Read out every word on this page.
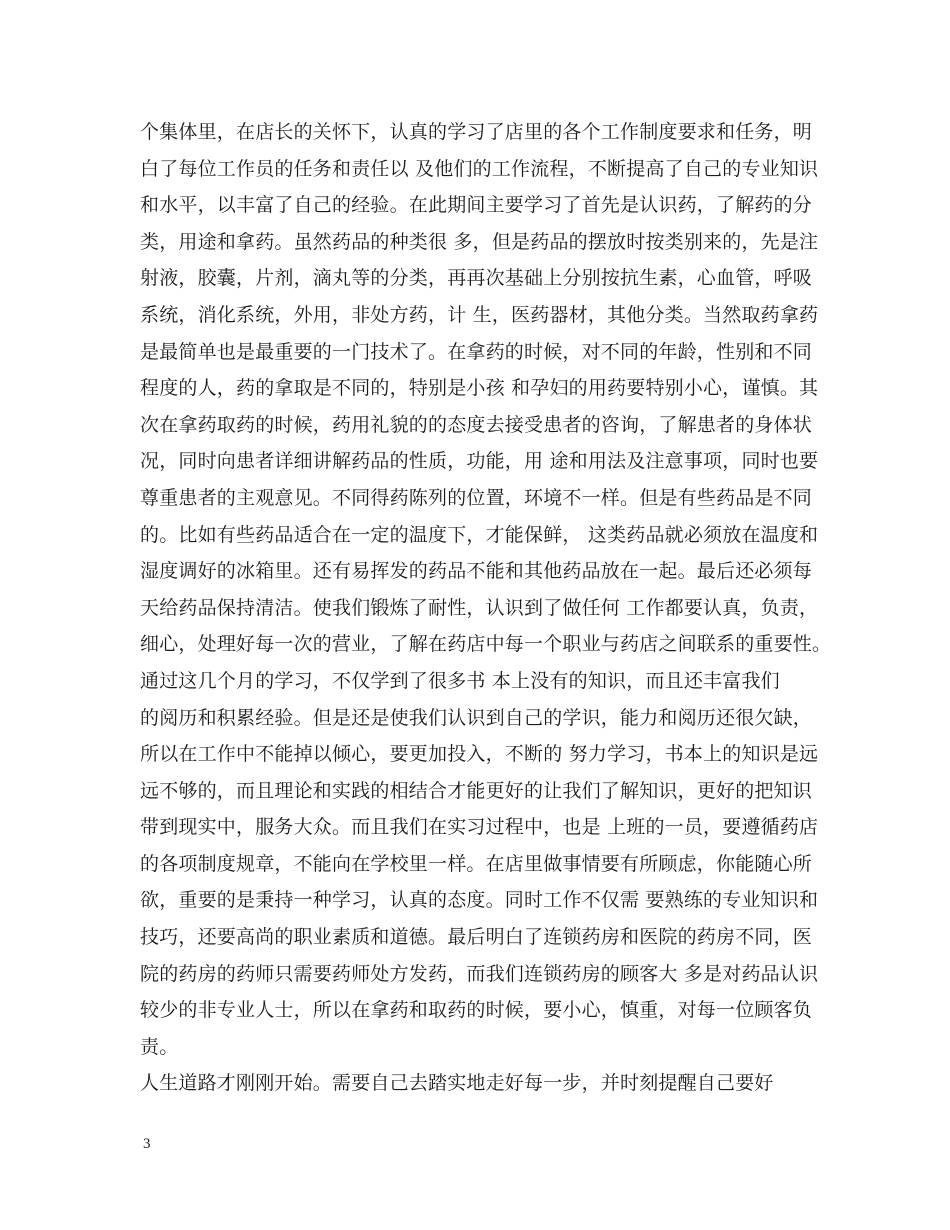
个集体里，在店长的关怀下，认真的学习了店里的各个工作制度要求和任务，明
白了每位工作员的任务和责任以 及他们的工作流程，不断提高了自己的专业知识
和水平，以丰富了自己的经验。在此期间主要学习了首先是认识药，了解药的分
类，用途和拿药。虽然药品的种类很 多，但是药品的摆放时按类别来的，先是注
射液，胶囊，片剂，滴丸等的分类，再再次基础上分别按抗生素，心血管，呼吸
系统，消化系统，外用，非处方药，计 生，医药器材，其他分类。当然取药拿药
是最简单也是最重要的一门技术了。在拿药的时候，对不同的年龄，性别和不同
程度的人，药的拿取是不同的，特别是小孩 和孕妇的用药要特别小心，谨慎。其
次在拿药取药的时候，药用礼貌的的态度去接受患者的咨询，了解患者的身体状
况，同时向患者详细讲解药品的性质，功能，用 途和用法及注意事项，同时也要
尊重患者的主观意见。不同得药陈列的位置，环境不一样。但是有些药品是不同
的。比如有些药品适合在一定的温度下，才能保鲜， 这类药品就必须放在温度和
湿度调好的冰箱里。还有易挥发的药品不能和其他药品放在一起。最后还必须每
天给药品保持清洁。使我们锻炼了耐性，认识到了做任何 工作都要认真，负责，
细心，处理好每一次的营业，了解在药店中每一个职业与药店之间联系的重要性。
通过这几个月的学习，不仅学到了很多书 本上没有的知识，而且还丰富我们
的阅历和积累经验。但是还是使我们认识到自己的学识，能力和阅历还很欠缺，
所以在工作中不能掉以倾心，要更加投入，不断的 努力学习，书本上的知识是远
远不够的，而且理论和实践的相结合才能更好的让我们了解知识，更好的把知识
带到现实中，服务大众。而且我们在实习过程中，也是 上班的一员，要遵循药店
的各项制度规章，不能向在学校里一样。在店里做事情要有所顾虑，你能随心所
欲，重要的是秉持一种学习，认真的态度。同时工作不仅需 要熟练的专业知识和
技巧，还要高尚的职业素质和道德。最后明白了连锁药房和医院的药房不同，医
院的药房的药师只需要药师处方发药，而我们连锁药房的顾客大 多是对药品认识
较少的非专业人士，所以在拿药和取药的时候，要小心，慎重，对每一位顾客负
责。
人生道路才刚刚开始。需要自己去踏实地走好每一步，并时刻提醒自己要好
3
